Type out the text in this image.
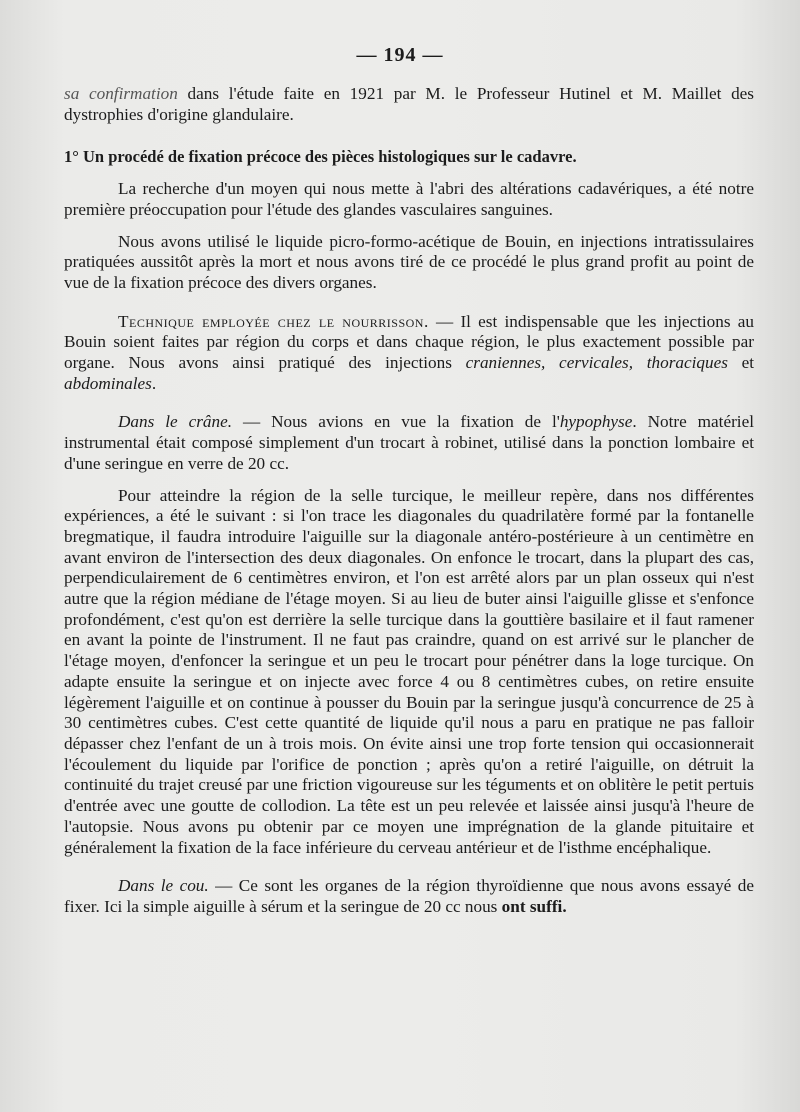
— 194 —

sa confirmation dans l'étude faite en 1921 par M. le Professeur Hutinel et M. Maillet des dystrophies d'origine glandulaire.

1° Un procédé de fixation précoce des pièces histologiques sur le cadavre.

La recherche d'un moyen qui nous mette à l'abri des altérations cadavériques, a été notre première préoccupation pour l'étude des glandes vasculaires sanguines.

Nous avons utilisé le liquide picro-formo-acétique de Bouin, en injections intratissulaires pratiquées aussitôt après la mort et nous avons tiré de ce procédé le plus grand profit au point de vue de la fixation précoce des divers organes.

Technique employée chez le nourrisson. — Il est indispensable que les injections au Bouin soient faites par région du corps et dans chaque région, le plus exactement possible par organe. Nous avons ainsi pratiqué des injections craniennes, cervicales, thoraciques et abdominales.

Dans le crâne. — Nous avions en vue la fixation de l'hypophyse. Notre matériel instrumental était composé simplement d'un trocart à robinet, utilisé dans la ponction lombaire et d'une seringue en verre de 20 cc.

Pour atteindre la région de la selle turcique, le meilleur repère, dans nos différentes expériences, a été le suivant : si l'on trace les diagonales du quadrilatère formé par la fontanelle bregmatique, il faudra introduire l'aiguille sur la diagonale antéro-postérieure à un centimètre en avant environ de l'intersection des deux diagonales. On enfonce le trocart, dans la plupart des cas, perpendiculairement de 6 centimètres environ, et l'on est arrêté alors par un plan osseux qui n'est autre que la région médiane de l'étage moyen. Si au lieu de buter ainsi l'aiguille glisse et s'enfonce profondément, c'est qu'on est derrière la selle turcique dans la gouttière basilaire et il faut ramener en avant la pointe de l'instrument. Il ne faut pas craindre, quand on est arrivé sur le plancher de l'étage moyen, d'enfoncer la seringue et un peu le trocart pour pénétrer dans la loge turcique. On adapte ensuite la seringue et on injecte avec force 4 ou 8 centimètres cubes, on retire ensuite légèrement l'aiguille et on continue à pousser du Bouin par la seringue jusqu'à concurrence de 25 à 30 centimètres cubes. C'est cette quantité de liquide qu'il nous a paru en pratique ne pas falloir dépasser chez l'enfant de un à trois mois. On évite ainsi une trop forte tension qui occasionnerait l'écoulement du liquide par l'orifice de ponction ; après qu'on a retiré l'aiguille, on détruit la continuité du trajet creusé par une friction vigoureuse sur les téguments et on oblitère le petit pertuis d'entrée avec une goutte de collodion. La tête est un peu relevée et laissée ainsi jusqu'à l'heure de l'autopsie. Nous avons pu obtenir par ce moyen une imprégnation de la glande pituitaire et généralement la fixation de la face inférieure du cerveau antérieur et de l'isthme encéphalique.

Dans le cou. — Ce sont les organes de la région thyroïdienne que nous avons essayé de fixer. Ici la simple aiguille à sérum et la seringue de 20 cc nous ont suffi.
